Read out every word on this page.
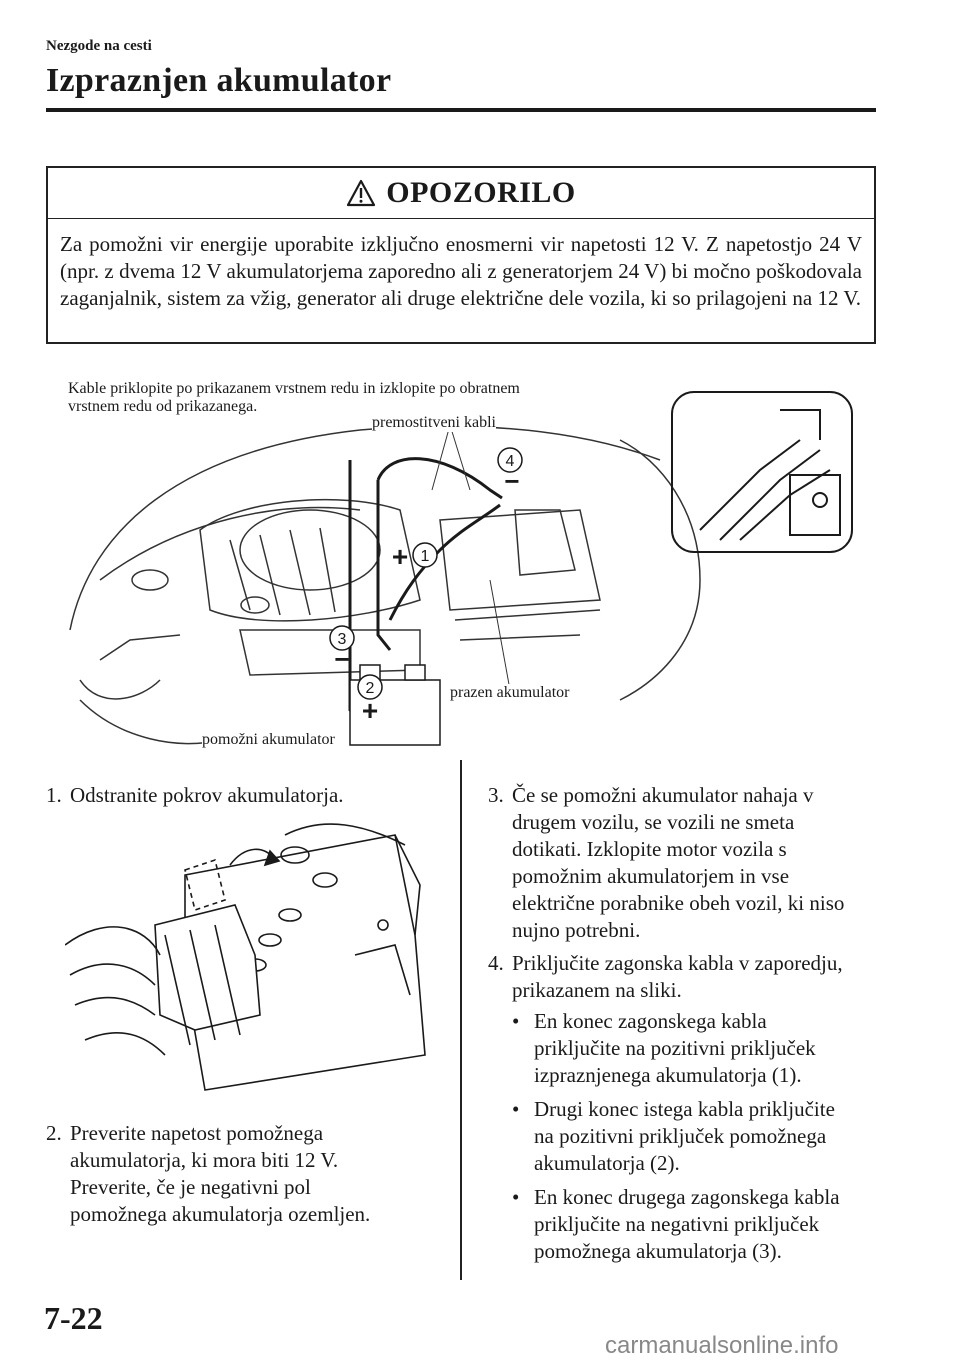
Nezgode na cesti
Izpraznjen akumulator
OPOZORILO
Za pomožni vir energije uporabite izključno enosmerni vir napetosti 12 V. Z napetostjo 24 V (npr. z dvema 12 V akumulatorjema zaporedno ali z generatorjem 24 V) bi močno poškodovala zaganjalnik, sistem za vžig, generator ali druge električne dele vozila, ki so prilagojeni na 12 V.
4
−
1
+
3
−
2
+
Kable priklopite po prikazanem vrstnem redu in izklopite po obratnem
vrstnem redu od prikazanega.
premostitveni kabli
prazen akumulator
pomožni akumulator
1. Odstranite pokrov akumulatorja.
2. Preverite napetost pomožnega
akumulatorja, ki mora biti 12 V.
Preverite, če je negativni pol
pomožnega akumulatorja ozemljen.
3. Če se pomožni akumulator nahaja v
drugem vozilu, se vozili ne smeta
dotikati. Izklopite motor vozila s
pomožnim akumulatorjem in vse
električne porabnike obeh vozil, ki niso
nujno potrebni.
4. Priključite zagonska kabla v zaporedju,
prikazanem na sliki.
• En konec zagonskega kabla
priključite na pozitivni priključek
izpraznjenega akumulatorja (1).
• Drugi konec istega kabla priključite
na pozitivni priključek pomožnega
akumulatorja (2).
• En konec drugega zagonskega kabla
priključite na negativni priključek
pomožnega akumulatorja (3).
7-22
carmanualsonline.info
